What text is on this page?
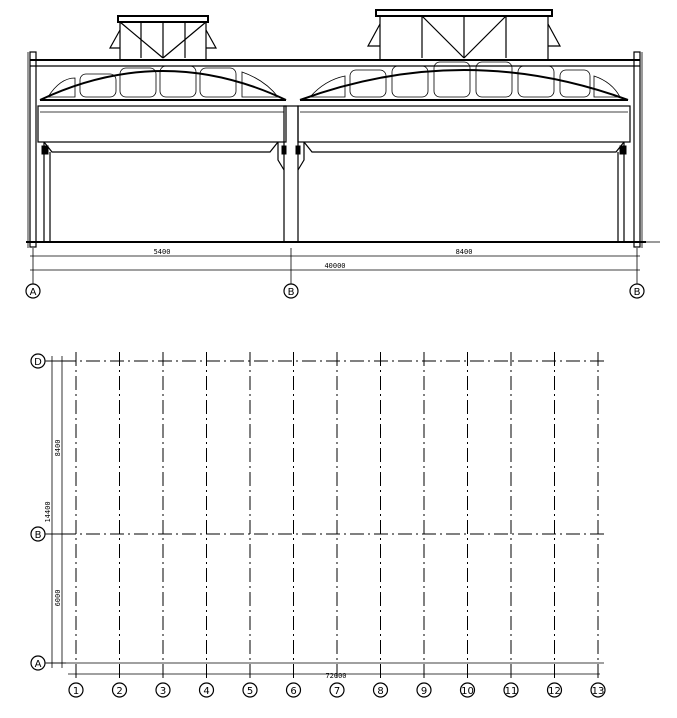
5400	8400
40000
A	B	B
8400
14400
6000
72000
D
B
A
1	2	3	4	5	6	7	8	9	10	11	12	13
